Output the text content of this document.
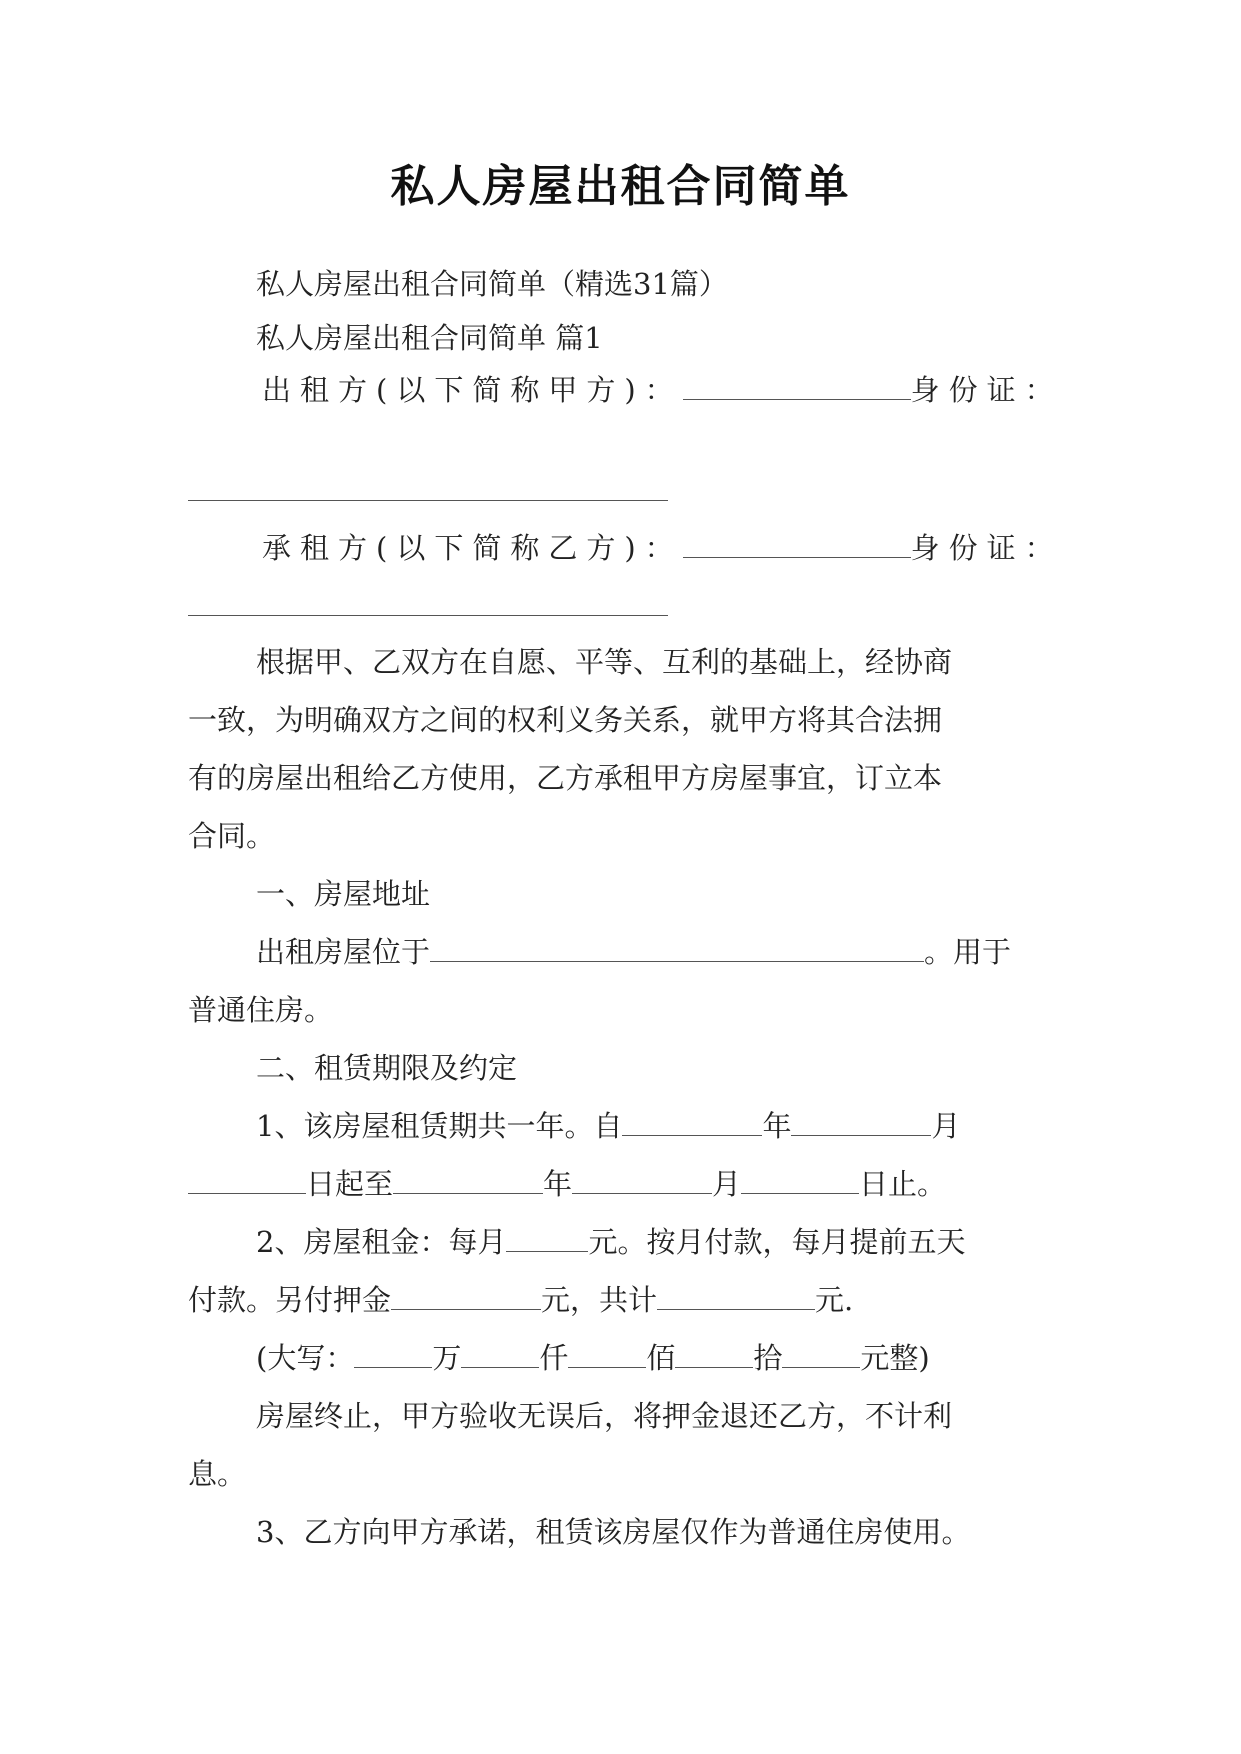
私人房屋出租合同简单
私人房屋出租合同简单（精选31篇）
私人房屋出租合同简单 篇1
出租方(以下简称甲方)：	身份证：
承租方(以下简称乙方)：	身份证：
根据甲、乙双方在自愿、平等、互利的基础上，经协商
一致，为明确双方之间的权利义务关系，就甲方将其合法拥
有的房屋出租给乙方使用，乙方承租甲方房屋事宜，订立本
合同。
一、房屋地址
出租房屋位于	。用于
普通住房。
二、租赁期限及约定
1、该房屋租赁期共一年。自	年	月
日起至	年	月	日止。
2、房屋租金：每月	元。按月付款，每月提前五天
付款。另付押金	元，共计	元.
(大写：	万	仟	佰	拾	元整)
房屋终止，甲方验收无误后，将押金退还乙方，不计利
息。
3、乙方向甲方承诺，租赁该房屋仅作为普通住房使用。
